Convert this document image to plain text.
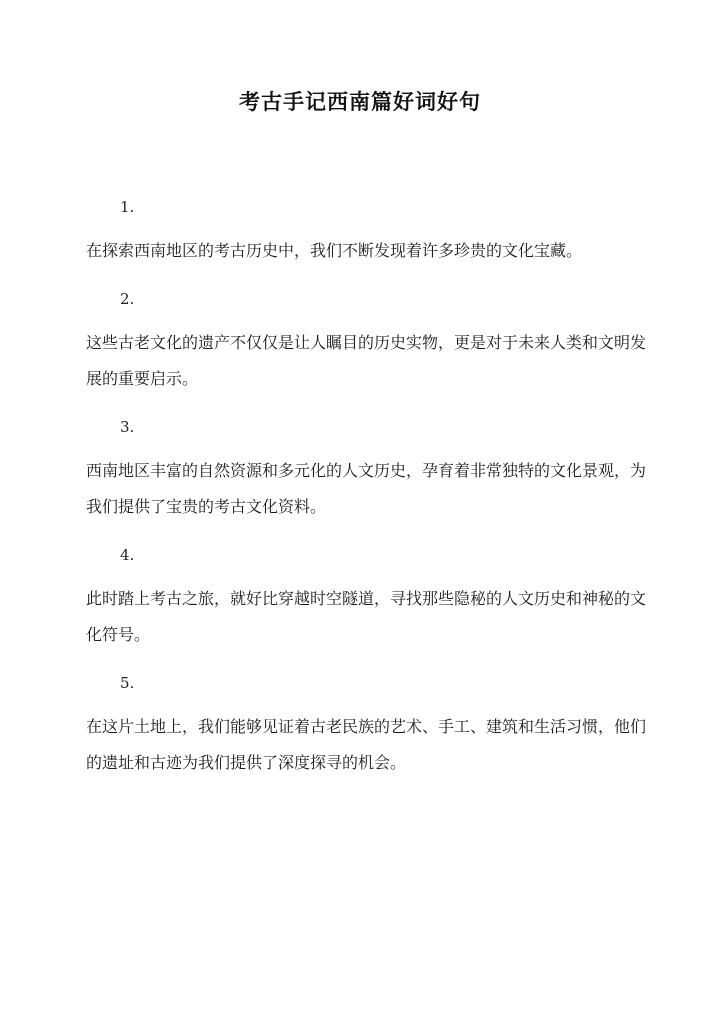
考古手记西南篇好词好句
1.
在探索西南地区的考古历史中，我们不断发现着许多珍贵的文化宝藏。
2.
这些古老文化的遗产不仅仅是让人瞩目的历史实物，更是对于未来人类和文明发展的重要启示。
3.
西南地区丰富的自然资源和多元化的人文历史，孕育着非常独特的文化景观，为我们提供了宝贵的考古文化资料。
4.
此时踏上考古之旅，就好比穿越时空隧道，寻找那些隐秘的人文历史和神秘的文化符号。
5.
在这片土地上，我们能够见证着古老民族的艺术、手工、建筑和生活习惯，他们的遗址和古迹为我们提供了深度探寻的机会。
